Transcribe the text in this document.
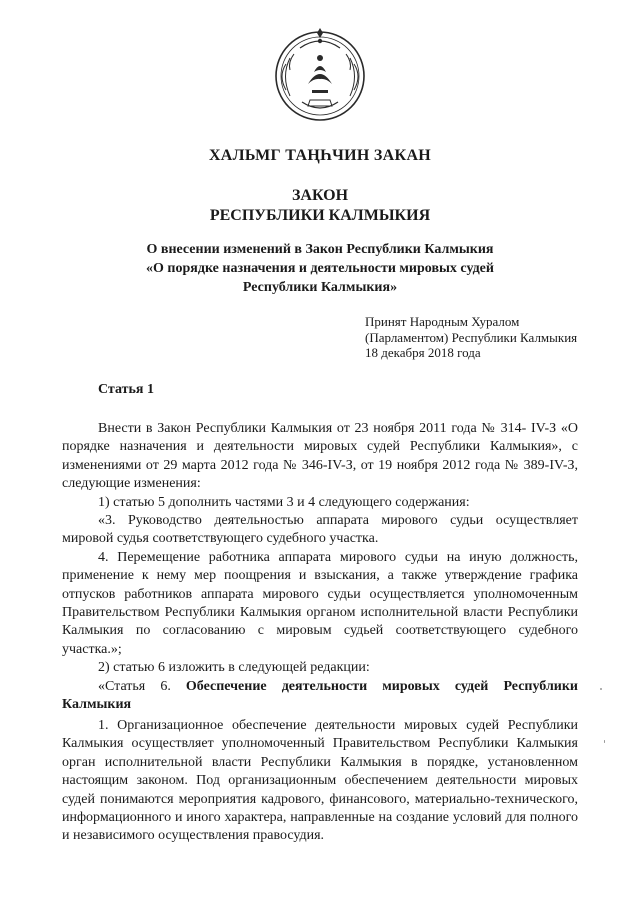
ХАЛЬМГ ТАҢҺЧИН ЗАКАН
ЗАКОН
РЕСПУБЛИКИ КАЛМЫКИЯ
О внесении изменений в Закон Республики Калмыкия
«О порядке назначения и деятельности мировых судей
Республики Калмыкия»
Принят Народным Хуралом
(Парламентом) Республики Калмыкия
18 декабря 2018 года
Статья 1

Внести в Закон Республики Калмыкия от 23 ноября 2011 года № 314- IV-З «О порядке назначения и деятельности мировых судей Республики Калмыкия», с изменениями от 29 марта 2012 года № 346-IV-З, от 19 ноября 2012 года № 389-IV-З, следующие изменения:

1) статью 5 дополнить частями 3 и 4 следующего содержания:

«3. Руководство деятельностью аппарата мирового судьи осуществляет мировой судья соответствующего судебного участка.

4. Перемещение работника аппарата мирового судьи на иную должность, применение к нему мер поощрения и взыскания, а также утверждение графика отпусков работников аппарата мирового судьи осуществляется уполномоченным Правительством Республики Калмыкия органом исполнительной власти Республики Калмыкия по согласованию с мировым судьей соответствующего судебного участка.»;

2) статью 6 изложить в следующей редакции:

«Статья 6. Обеспечение деятельности мировых судей Республики Калмыкия

1. Организационное обеспечение деятельности мировых судей Республики Калмыкия осуществляет уполномоченный Правительством Республики Калмыкия орган исполнительной власти Республики Калмыкия в порядке, установленном настоящим законом. Под организационным обеспечением деятельности мировых судей понимаются мероприятия кадрового, финансового, материально-технического, информационного и иного характера, направленные на создание условий для полного и независимого осуществления правосудия.
